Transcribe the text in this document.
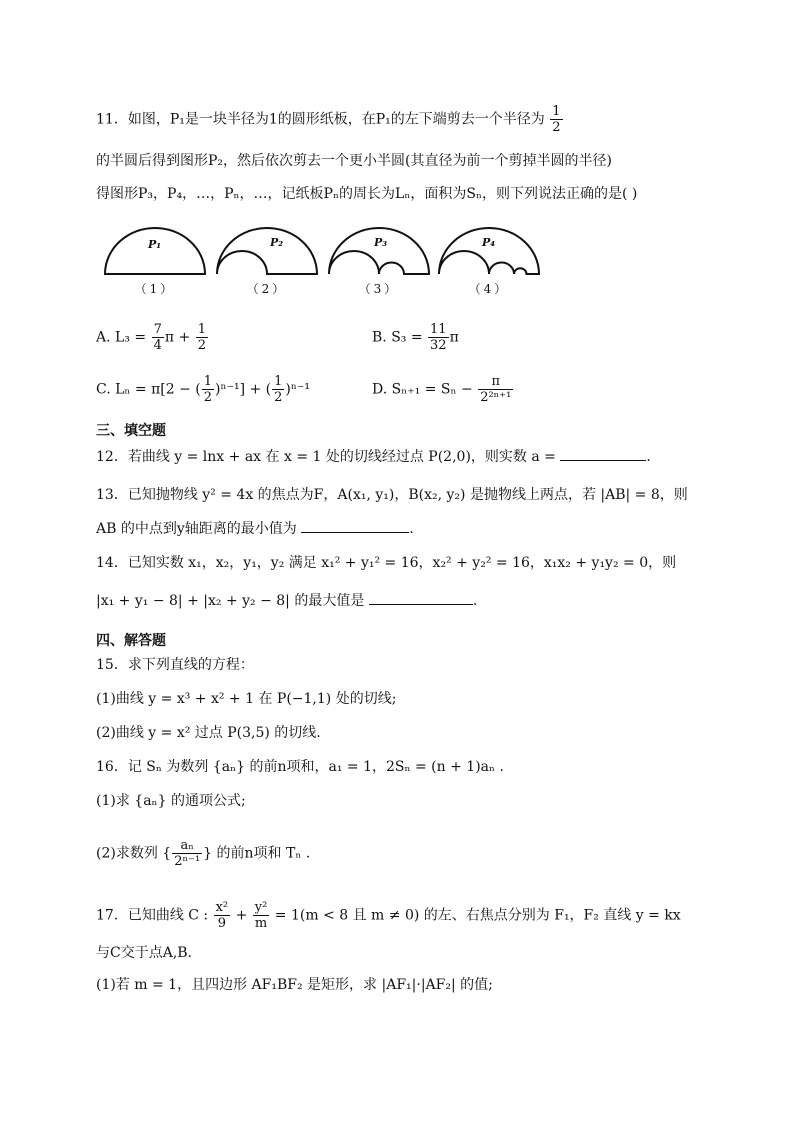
11．如图，P₁是一块半径为1的圆形纸板，在P₁的左下端剪去一个半径为 $\frac{1}{2}$
的半圆后得到图形P₂，然后依次剪去一个更小半圆(其直径为前一个剪掉半圆的半径)
得图形P₃，P₄，…，Pₙ，…，记纸板Pₙ的周长为Lₙ，面积为Sₙ，则下列说法正确的是( )
P₁
（1）
P₂
（2）
P₃
（3）
P₄
（4）
A. $L_3 = \frac{7}{4}$ $\pi + \frac{1}{2}$	B. $S_3 = \frac{11}{32}$ π
C. Lₙ = π[2 − ( $\frac{1}{2} )^{n-1}$] + ( $\frac{1}{2} )^{n-1}$	D. $S_{n+1} = S_n - \frac{\pi}{\text{2²ⁿ⁺¹}}$
三、填空题
12．若曲线 y = lnx + ax 在 x = 1 处的切线经过点 P(2,0)，则实数 a =	.
13．已知抛物线 y² = 4x 的焦点为F，A(x₁, y₁)，B(x₂, y₂) 是抛物线上两点，若 |AB| = 8，则
AB 的中点到y轴距离的最小值为	.
14．已知实数 x₁，x₂，y₁，y₂ 满足 x₁² + y₁² = 16，x₂² + y₂² = 16，x₁x₂ + y₁y₂ = 0，则
|x₁ + y₁ − 8| + |x₂ + y₂ − 8| 的最大值是	.
四、解答题
15．求下列直线的方程：
(1)曲线 y = x³ + x² + 1 在 P(−1,1) 处的切线;
(2)曲线 y = x² 过点 P(3,5) 的切线.
16．记 Sₙ 为数列 {aₙ} 的前n项和，a₁ = 1，2Sₙ = (n + 1)aₙ .
(1)求 {aₙ} 的通项公式;
(2)求数列 { $\frac{\text{aₙ}}{\text{2ⁿ⁻¹}}$ } 的前n项和 Tₙ .
17．已知曲线 C : $\frac{\text{x²}}{9} + \frac{\text{y²}}{m} = 1(m < 8$ 且 m ≠ 0) 的左、右焦点分别为 F₁，F₂ 直线 y = kx
与C交于点A,B.
(1)若 m = 1，且四边形 AF₁BF₂ 是矩形，求 |AF₁|·|AF₂| 的值;
